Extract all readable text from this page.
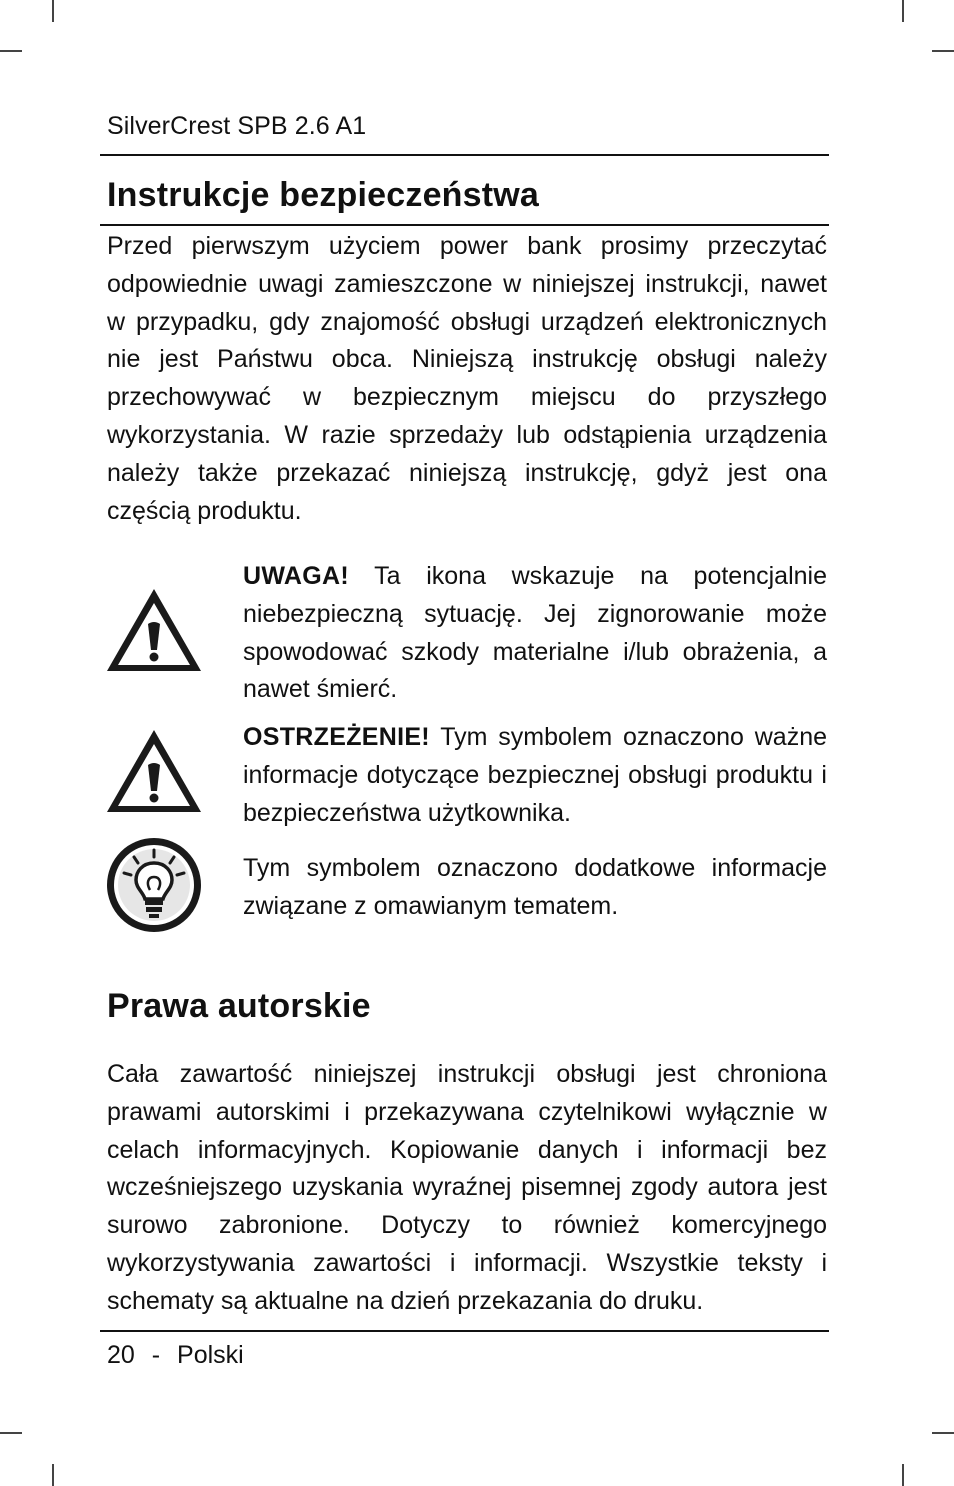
SilverCrest SPB 2.6 A1
Instrukcje bezpieczeństwa

Przed pierwszym użyciem power bank prosimy przeczytać odpowiednie uwagi zamieszczone w niniejszej instrukcji, nawet w przypadku, gdy znajomość obsługi urządzeń elektronicznych nie jest Państwu obca. Niniejszą instrukcję obsługi należy przechowywać w bezpiecznym miejscu do przyszłego wykorzystania. W razie sprzedaży lub odstąpienia urządzenia należy także przekazać niniejszą instrukcję, gdyż jest ona częścią produktu.

UWAGA! Ta ikona wskazuje na potencjalnie niebezpieczną sytuację. Jej zignorowanie może spowodować szkody materialne i/lub obrażenia, a nawet śmierć.

OSTRZEŻENIE! Tym symbolem oznaczono ważne informacje dotyczące bezpiecznej obsługi produktu i bezpieczeństwa użytkownika.

Tym symbolem oznaczono dodatkowe informacje związane z omawianym tematem.

Prawa autorskie

Cała zawartość niniejszej instrukcji obsługi jest chroniona prawami autorskimi i przekazywana czytelnikowi wyłącznie w celach informacyjnych. Kopiowanie danych i informacji bez wcześniejszego uzyskania wyraźnej pisemnej zgody autora jest surowo zabronione. Dotyczy to również komercyjnego wykorzystywania zawartości i informacji. Wszystkie teksty i schematy są aktualne na dzień przekazania do druku.

20 - Polski
